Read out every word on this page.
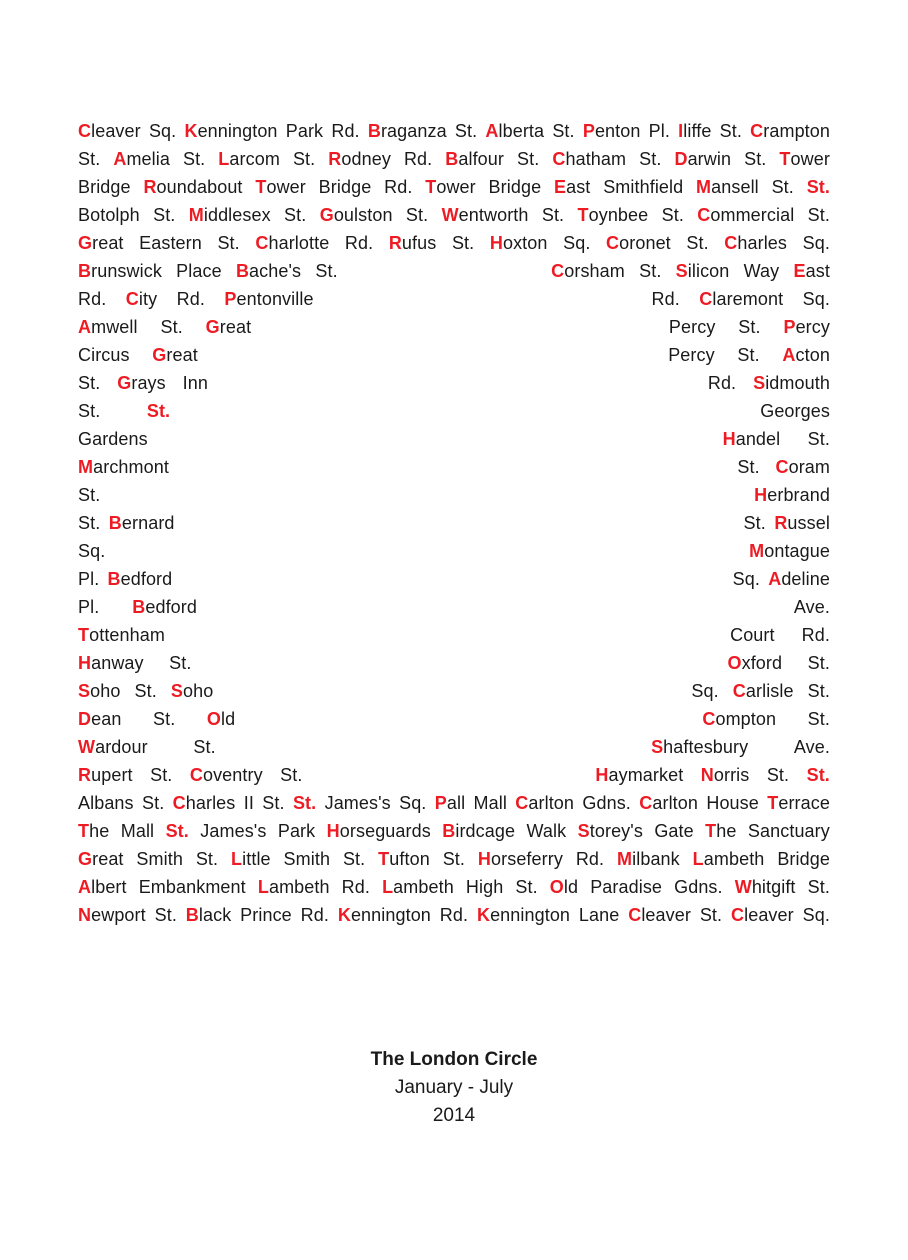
Cleaver Sq. Kennington Park Rd. Braganza St. Alberta St. Penton Pl. Iliffe St. Crampton
St. Amelia St. Larcom St. Rodney Rd. Balfour St. Chatham St. Darwin St. Tower
Bridge Roundabout Tower Bridge Rd. Tower Bridge East Smithfield Mansell St. St.
Botolph St. Middlesex St. Goulston St. Wentworth St. Toynbee St. Commercial St.
Great Eastern St. Charlotte Rd. Rufus St. Hoxton Sq. Coronet St. Charles Sq.
Brunswick Place Bache's St.	Corsham St. Silicon Way East
Rd. City Rd. Pentonville	Rd. Claremont Sq.
Amwell St. Great	Percy St. Percy
Circus Great	Percy St. Acton
St. Grays Inn	Rd. Sidmouth
St.	St.	Georges
Gardens	Handel St.
Marchmont	St. Coram
St.	Herbrand
St. Bernard	St. Russel
Sq.	Montague
Pl. Bedford	Sq. Adeline
Pl. Bedford	Ave.
Tottenham	Court Rd.
Hanway St.	Oxford St.
Soho St. Soho	Sq. Carlisle St.
Dean St. Old	Compton St.
Wardour	St.	Shaftesbury	Ave.
Rupert St. Coventry St.	Haymarket Norris St. St.
Albans St. Charles II St. St. James's Sq. Pall Mall Carlton Gdns. Carlton House Terrace
The Mall St. James's Park Horseguards Birdcage Walk Storey's Gate The Sanctuary
Great Smith St. Little Smith St. Tufton St. Horseferry Rd. Milbank Lambeth Bridge
Albert Embankment Lambeth Rd. Lambeth High St. Old Paradise Gdns. Whitgift St.
Newport St. Black Prince Rd. Kennington Rd. Kennington Lane Cleaver St. Cleaver Sq.
The London Circle
January - July
2014
